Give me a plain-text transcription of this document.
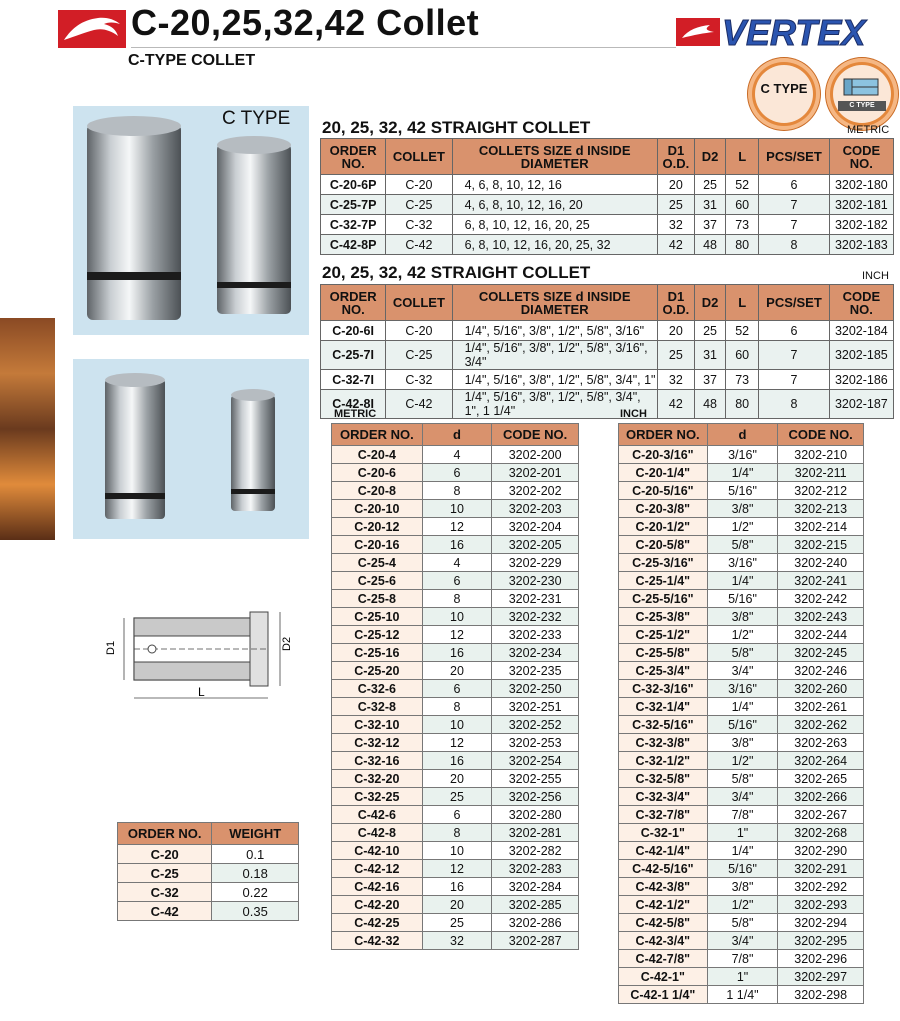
C-20,25,32,42 Collet
C-TYPE COLLET
VERTEX
C TYPE
C TYPE
C TYPE
D1	D2
L
20, 25, 32, 42 STRAIGHT COLLET	METRIC
ORDER NO.	COLLET	COLLETS SIZE d INSIDE DIAMETER	D1 O.D.	D2	L	PCS/SET	CODE NO.
C-20-6P	C-20	4, 6, 8, 10, 12, 16	20	25	52	6	3202-180
C-25-7P	C-25	4, 6, 8, 10, 12, 16, 20	25	31	60	7	3202-181
C-32-7P	C-32	6, 8, 10, 12, 16, 20, 25	32	37	73	7	3202-182
C-42-8P	C-42	6, 8, 10, 12, 16, 20, 25, 32	42	48	80	8	3202-183
20, 25, 32, 42 STRAIGHT COLLET	INCH
ORDER NO.	COLLET	COLLETS SIZE d INSIDE DIAMETER	D1 O.D.	D2	L	PCS/SET	CODE NO.
C-20-6I	C-20	1/4", 5/16", 3/8", 1/2", 5/8", 3/16"	20	25	52	6	3202-184
C-25-7I	C-25	1/4", 5/16", 3/8", 1/2", 5/8", 3/16", 3/4"	25	31	60	7	3202-185
C-32-7I	C-32	1/4", 5/16", 3/8", 1/2", 5/8", 3/4", 1"	32	37	73	7	3202-186
C-42-8I	C-42	1/4", 5/16", 3/8", 1/2", 5/8", 3/4", 1", 1 1/4"	42	48	80	8	3202-187
METRIC
ORDER NO.	d	CODE NO.
C-20-4	4	3202-200
C-20-6	6	3202-201
C-20-8	8	3202-202
C-20-10	10	3202-203
C-20-12	12	3202-204
C-20-16	16	3202-205
C-25-4	4	3202-229
C-25-6	6	3202-230
C-25-8	8	3202-231
C-25-10	10	3202-232
C-25-12	12	3202-233
C-25-16	16	3202-234
C-25-20	20	3202-235
C-32-6	6	3202-250
C-32-8	8	3202-251
C-32-10	10	3202-252
C-32-12	12	3202-253
C-32-16	16	3202-254
C-32-20	20	3202-255
C-32-25	25	3202-256
C-42-6	6	3202-280
C-42-8	8	3202-281
C-42-10	10	3202-282
C-42-12	12	3202-283
C-42-16	16	3202-284
C-42-20	20	3202-285
C-42-25	25	3202-286
C-42-32	32	3202-287
INCH
ORDER NO.	d	CODE NO.
C-20-3/16"	3/16"	3202-210
C-20-1/4"	1/4"	3202-211
C-20-5/16"	5/16"	3202-212
C-20-3/8"	3/8"	3202-213
C-20-1/2"	1/2"	3202-214
C-20-5/8"	5/8"	3202-215
C-25-3/16"	3/16"	3202-240
C-25-1/4"	1/4"	3202-241
C-25-5/16"	5/16"	3202-242
C-25-3/8"	3/8"	3202-243
C-25-1/2"	1/2"	3202-244
C-25-5/8"	5/8"	3202-245
C-25-3/4"	3/4"	3202-246
C-32-3/16"	3/16"	3202-260
C-32-1/4"	1/4"	3202-261
C-32-5/16"	5/16"	3202-262
C-32-3/8"	3/8"	3202-263
C-32-1/2"	1/2"	3202-264
C-32-5/8"	5/8"	3202-265
C-32-3/4"	3/4"	3202-266
C-32-7/8"	7/8"	3202-267
C-32-1"	1"	3202-268
C-42-1/4"	1/4"	3202-290
C-42-5/16"	5/16"	3202-291
C-42-3/8"	3/8"	3202-292
C-42-1/2"	1/2"	3202-293
C-42-5/8"	5/8"	3202-294
C-42-3/4"	3/4"	3202-295
C-42-7/8"	7/8"	3202-296
C-42-1"	1"	3202-297
C-42-1 1/4"	1 1/4"	3202-298
ORDER NO.	WEIGHT
C-20	0.1
C-25	0.18
C-32	0.22
C-42	0.35
